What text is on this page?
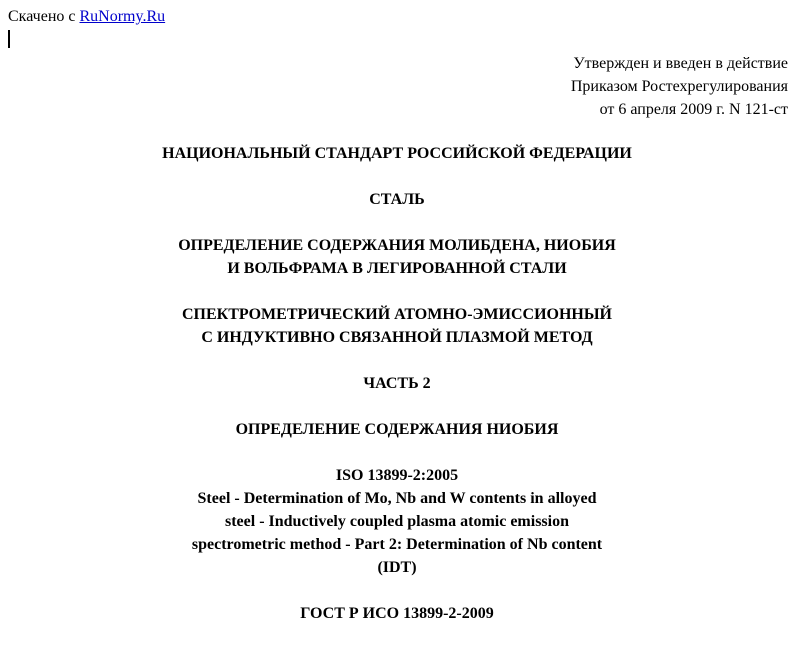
Скачено с RuNormy.Ru
Утвержден и введен в действие
Приказом Ростехрегулирования
от 6 апреля 2009 г. N 121-ст
НАЦИОНАЛЬНЫЙ СТАНДАРТ РОССИЙСКОЙ ФЕДЕРАЦИИ
СТАЛЬ
ОПРЕДЕЛЕНИЕ СОДЕРЖАНИЯ МОЛИБДЕНА, НИОБИЯ
И ВОЛЬФРАМА В ЛЕГИРОВАННОЙ СТАЛИ
СПЕКТРОМЕТРИЧЕСКИЙ АТОМНО-ЭМИССИОННЫЙ
С ИНДУКТИВНО СВЯЗАННОЙ ПЛАЗМОЙ МЕТОД
ЧАСТЬ 2
ОПРЕДЕЛЕНИЕ СОДЕРЖАНИЯ НИОБИЯ
ISO 13899-2:2005
Steel - Determination of Mo, Nb and W contents in alloyed
steel - Inductively coupled plasma atomic emission
spectrometric method - Part 2: Determination of Nb content
(IDT)
ГОСТ Р ИСО 13899-2-2009
